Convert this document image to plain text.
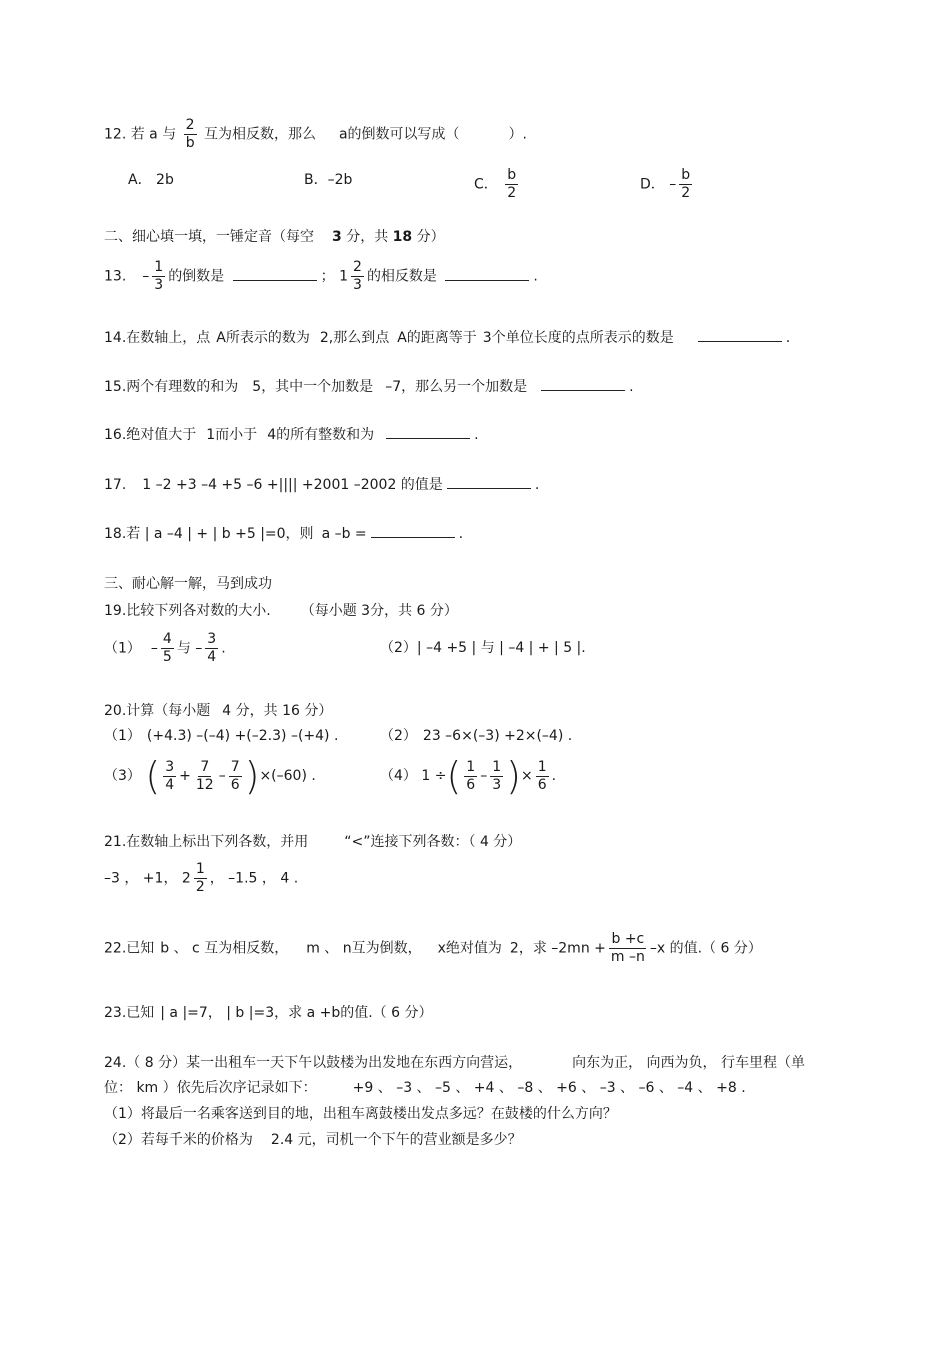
12. 若 a 与 $\frac{2}{b}$ 互为相反数，那么 a的倒数可以写成（	）.
A． 2b	B．–2b	C． $\frac{b}{2}$	D． – $\frac{b}{2}$
二、细心填一填，一锤定音（每空 3 分，共 18 分）
13. – $\frac{1}{3}$ 的倒数是	； $1 \frac{2}{3}$ 的相反数是	.
14.在数轴上，点 A所表示的数为 2,那么到点 A的距离等于 3个单位长度的点所表示的数是	.
15.两个有理数的和为 5，其中一个加数是 –7，那么另一个加数是	.
16.绝对值大于 1而小于 4的所有整数和为	.
17. 1 –2 +3 –4 +5 –6 +|||| +2001 –2002 的值是	.
18.若 | a –4 | + | b +5 |=0，则 a –b =	.
三、耐心解一解，马到成功
19.比较下列各对数的大小. （每小题 3分，共 6 分）
$(1) - \frac{4}{5}$ 与 – $\frac{3}{4}$ .	（2）| –4 +5 | 与 | –4 | + | 5 |.
20.计算（每小题 4 分，共 16 分）
（1） (+4.3) –(–4) +(–2.3) –(+4) .	（2） 23 –6×(–3) +2×(–4) .
（3） ( $\frac{3}{4} + \frac{7}{12} - \frac{7}{6} )\times(-60)$ .	（4） 1 ÷( $\frac{1}{6} - \frac{1}{3}$ )× $\frac{1}{6}$ .
21.在数轴上标出下列各数，并用	“<”连接下列各数：（ 4 分）
–3 ， +1， $2 \frac{1}{2}$ ， –1.5 ， 4 .
22.已知 b 、 c 互为相反数， m 、 n互为倒数， x绝对值为 2，求 $-2mn + \frac{b +c}{m -n} -x$ 的值.（ 6 分）
23.已知 | a |=7， | b |=3，求 a +b的值.（ 6 分）
24.（ 8 分）某一出租车一天下午以鼓楼为出发地在东西方向营运，	向东为正， 向西为负， 行车里程（单
位： km ）依先后次序记录如下：	+9 、 –3 、 –5 、 +4 、 –8 、 +6 、 –3 、 –6 、 –4 、 +8 .
（1）将最后一名乘客送到目的地，出租车离鼓楼出发点多远？在鼓楼的什么方向？
（2）若每千米的价格为 2.4 元，司机一个下午的营业额是多少？
